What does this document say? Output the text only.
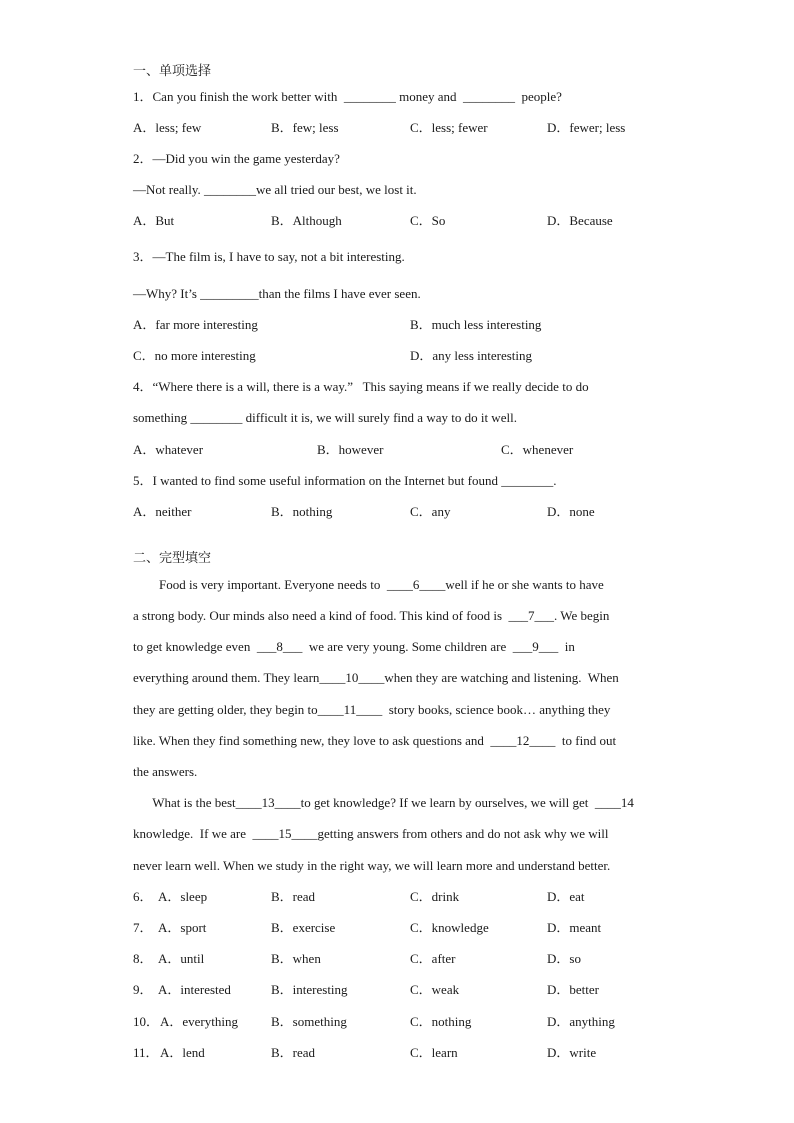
一、单项选择
1．Can you finish the work better with  ________ money and  ________  people?
A．less; few	B．few; less	C．less; fewer	D．fewer; less
2．—Did you win the game yesterday?
—Not really. ________we all tried our best, we lost it.
A．But	B．Although	C．So	D．Because
3．—The film is, I have to say, not a bit interesting.
—Why? It’s _________than the films I have ever seen.
A．far more interesting	B．much less interesting
C．no more interesting	D．any less interesting
4．“Where there is a will, there is a way.”   This saying means if we really decide to do
something ________ difficult it is, we will surely find a way to do it well.
A．whatever	B．however	C．whenever
5．I wanted to find some useful information on the Internet but found ________.
A．neither	B．nothing	C．any	D．none
二、完型填空
Food is very important. Everyone needs to  ____6____well if he or she wants to have
a strong body. Our minds also need a kind of food. This kind of food is  ___7___. We begin
to get knowledge even  ___8___  we are very young. Some children are  ___9___  in
everything around them. They learn____10____when they are watching and listening.  When
they are getting older, they begin to____11____  story books, science book… anything they
like. When they find something new, they love to ask questions and  ____12____  to find out
the answers.
What is the best____13____to get knowledge? If we learn by ourselves, we will get  ____14
knowledge.  If we are  ____15____getting answers from others and do not ask why we will
never learn well. When we study in the right way, we will learn more and understand better.
6． A．sleep	B．read	C．drink	D．eat
7． A．sport	B．exercise	C．knowledge	D．meant
8． A．until	B．when	C．after	D．so
9． A．interested	B．interesting	C．weak	D．better
10． A．everything	B．something	C．nothing	D．anything
11． A．lend	B．read	C．learn	D．write
